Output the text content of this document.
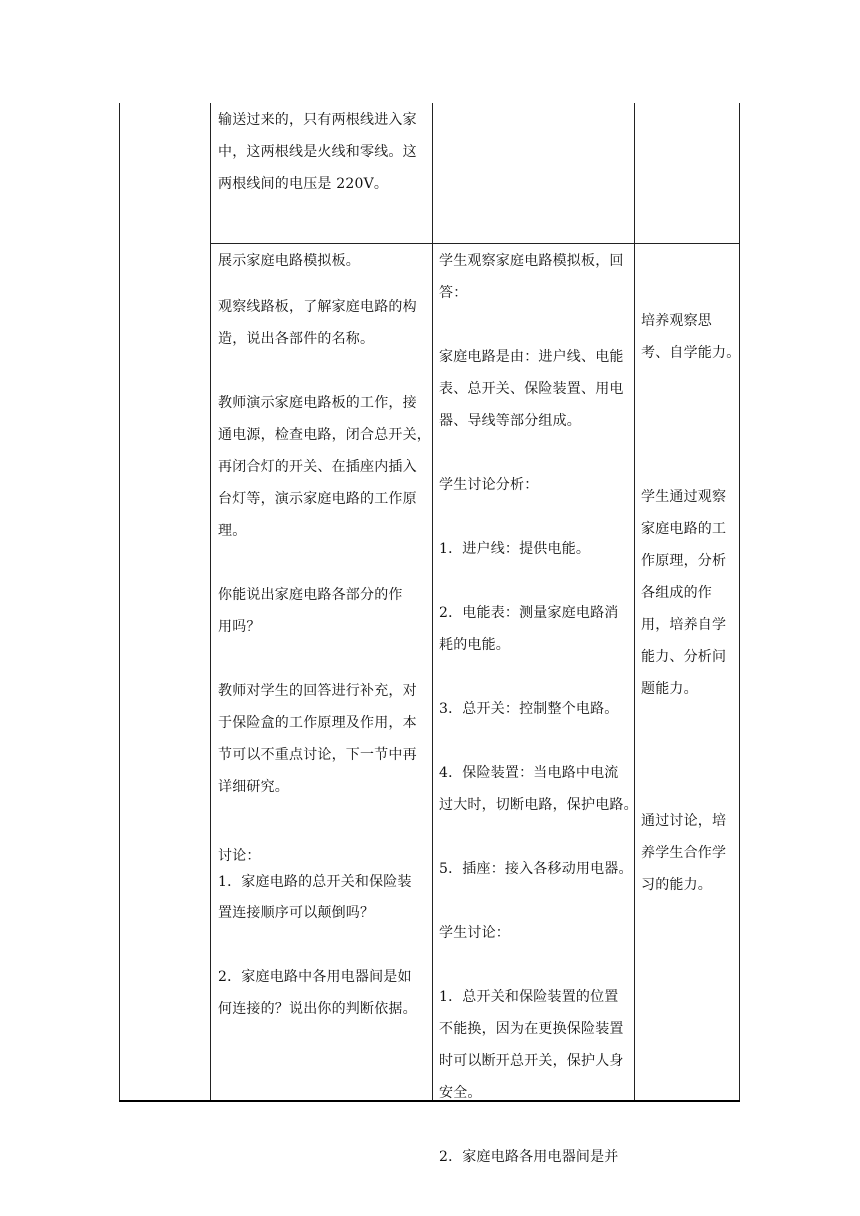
输送过来的，只有两根线进入家

中，这两根线是火线和零线。这

两根线间的电压是 220V。

展示家庭电路模拟板。

观察线路板，了解家庭电路的构

造，说出各部件的名称。

教师演示家庭电路板的工作，接

通电源，检查电路，闭合总开关，

再闭合灯的开关、在插座内插入

台灯等，演示家庭电路的工作原

理。

你能说出家庭电路各部分的作

用吗？

教师对学生的回答进行补充，对

于保险盒的工作原理及作用，本

节可以不重点讨论，下一节中再

详细研究。

讨论：

1．家庭电路的总开关和保险装

置连接顺序可以颠倒吗？

2．家庭电路中各用电器间是如

何连接的？说出你的判断依据。

学生观察家庭电路模拟板，回

答：

家庭电路是由：进户线、电能

表、总开关、保险装置、用电

器、导线等部分组成。

学生讨论分析：

1．进户线：提供电能。

2．电能表：测量家庭电路消

耗的电能。

3．总开关：控制整个电路。

4．保险装置：当电路中电流

过大时，切断电路，保护电路。

5．插座：接入各移动用电器。

学生讨论：

1．总开关和保险装置的位置

不能换，因为在更换保险装置

时可以断开总开关，保护人身

安全。

2．家庭电路各用电器间是并

培养观察思

考、自学能力。

学生通过观察

家庭电路的工

作原理，分析

各组成的作

用，培养自学

能力、分析问

题能力。

通过讨论，培

养学生合作学

习的能力。
